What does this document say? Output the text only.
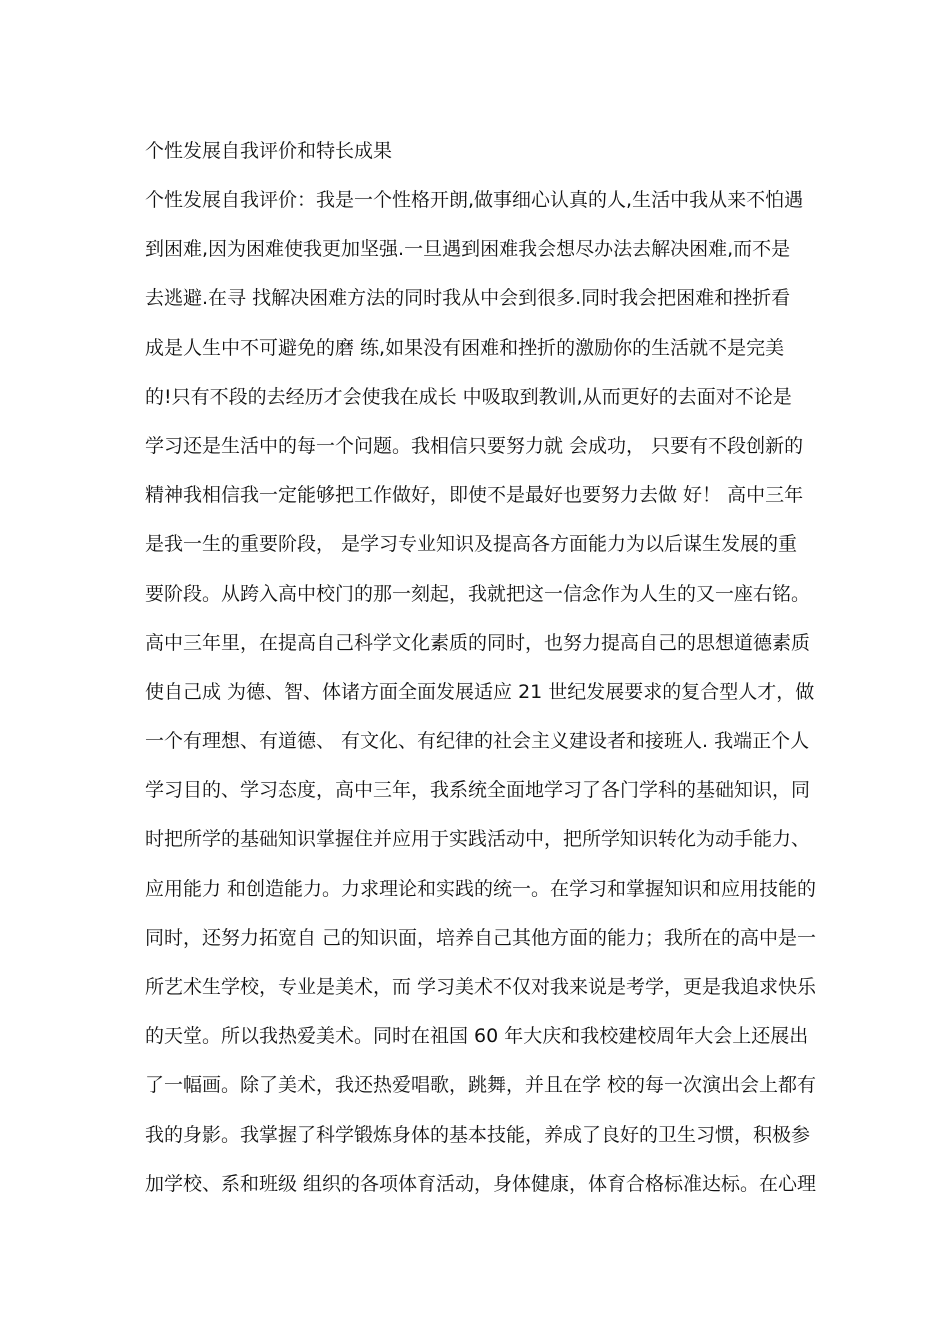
个性发展自我评价和特长成果
个性发展自我评价：我是一个性格开朗,做事细心认真的人,生活中我从来不怕遇
到困难,因为困难使我更加坚强.一旦遇到困难我会想尽办法去解决困难,而不是
去逃避.在寻 找解决困难方法的同时我从中会到很多.同时我会把困难和挫折看
成是人生中不可避免的磨 练,如果没有困难和挫折的激励你的生活就不是完美
的!只有不段的去经历才会使我在成长 中吸取到教训,从而更好的去面对不论是
学习还是生活中的每一个问题。我相信只要努力就 会成功， 只要有不段创新的
精神我相信我一定能够把工作做好，即使不是最好也要努力去做 好！ 高中三年
是我一生的重要阶段， 是学习专业知识及提高各方面能力为以后谋生发展的重
要阶段。从跨入高中校门的那一刻起，我就把这一信念作为人生的又一座右铭。
高中三年里，在提高自己科学文化素质的同时，也努力提高自己的思想道德素质
使自己成 为德、智、体诸方面全面发展适应 21 世纪发展要求的复合型人才，做
一个有理想、有道德、 有文化、有纪律的社会主义建设者和接班人. 我端正个人
学习目的、学习态度，高中三年，我系统全面地学习了各门学科的基础知识，同
时把所学的基础知识掌握住并应用于实践活动中，把所学知识转化为动手能力、
应用能力 和创造能力。力求理论和实践的统一。在学习和掌握知识和应用技能的
同时，还努力拓宽自 己的知识面，培养自己其他方面的能力；我所在的高中是一
所艺术生学校，专业是美术，而 学习美术不仅对我来说是考学，更是我追求快乐
的天堂。所以我热爱美术。同时在祖国 60 年大庆和我校建校周年大会上还展出
了一幅画。除了美术，我还热爱唱歌，跳舞，并且在学 校的每一次演出会上都有
我的身影。我掌握了科学锻炼身体的基本技能，养成了良好的卫生习惯，积极参
加学校、系和班级 组织的各项体育活动，身体健康，体育合格标准达标。在心理
